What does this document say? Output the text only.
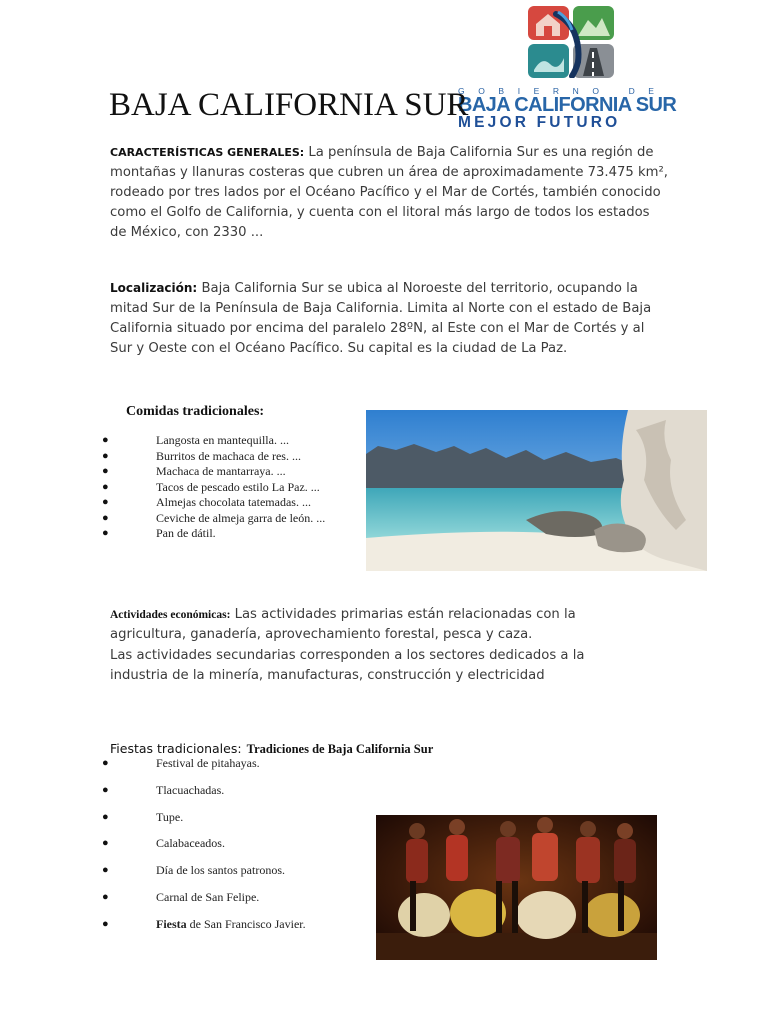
GOBIERNO DE
BAJA CALIFORNIA SUR
MEJOR FUTURO
BAJA CALIFORNIA SUR

CARACTERÍSTICAS GENERALES: La península de Baja California Sur es una región de montañas y llanuras costeras que cubren un área de aproximadamente 73.475 km², rodeado por tres lados por el Océano Pacífico y el Mar de Cortés, también conocido como el Golfo de California, y cuenta con el litoral más largo de todos los estados de México, con 2330 ...

Localización: Baja California Sur se ubica al Noroeste del territorio, ocupando la mitad Sur de la Península de Baja California. Limita al Norte con el estado de Baja California situado por encima del paralelo 28ºN, al Este con el Mar de Cortés y al Sur y Oeste con el Océano Pacífico. Su capital es la ciudad de La Paz.

Comidas tradicionales:
●	Langosta en mantequilla. ...
●	Burritos de machaca de res. ...
●	Machaca de mantarraya. ...
●	Tacos de pescado estilo La Paz. ...
●	Almejas chocolata tatemadas. ...
●	Ceviche de almeja garra de león. ...
●	Pan de dátil.

Actividades económicas: Las actividades primarias están relacionadas con la agricultura, ganadería, aprovechamiento forestal, pesca y caza.

Las actividades secundarias corresponden a los sectores dedicados a la industria de la minería, manufacturas, construcción y electricidad

Fiestas tradicionales: Tradiciones de Baja California Sur

●	Festival de pitahayas.
●	Tlacuachadas.
●	Tupe.
●	Calabaceados.
●	Día de los santos patronos.
●	Carnal de San Felipe.
●	Fiesta de San Francisco Javier.
